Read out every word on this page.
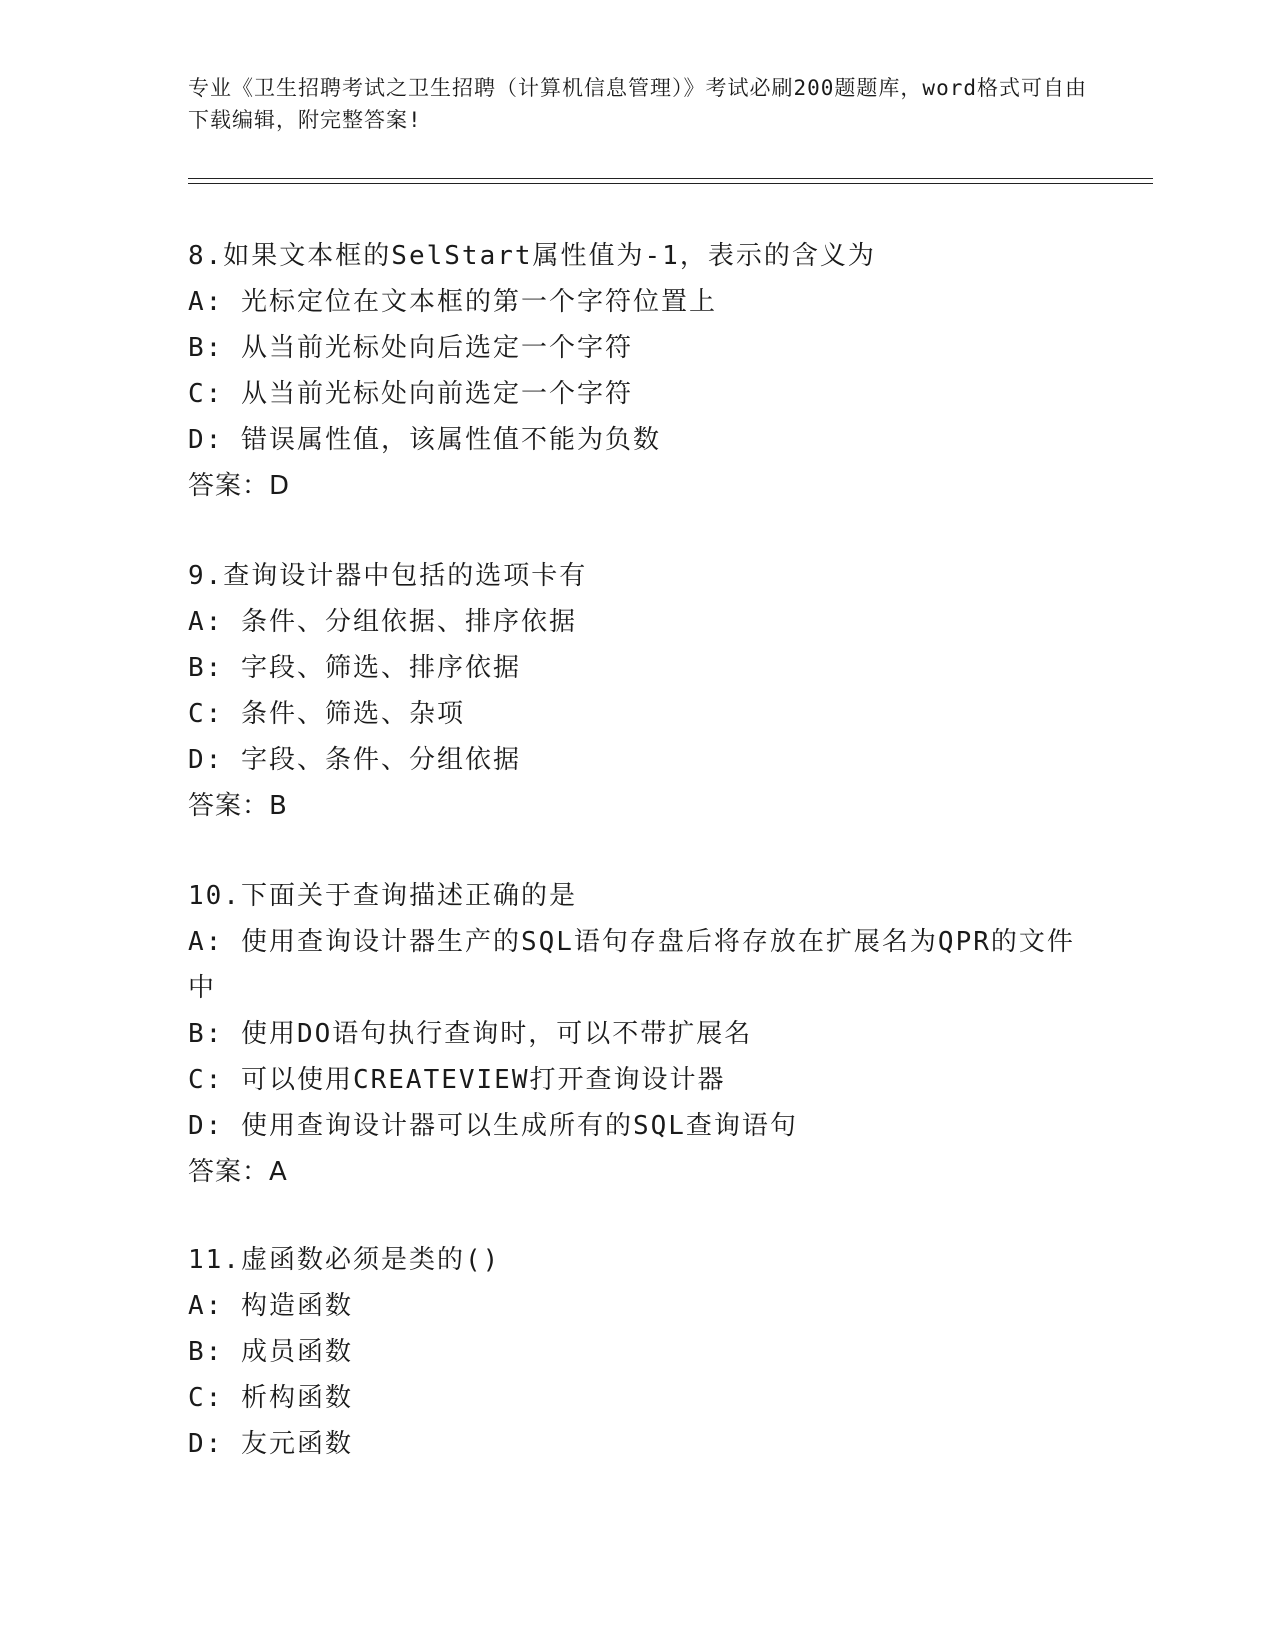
专业《卫生招聘考试之卫生招聘（计算机信息管理）》考试必刷200题题库，word格式可自由下载编辑，附完整答案!
8.如果文本框的SelStart属性值为-1，表示的含义为
A: 光标定位在文本框的第一个字符位置上
B: 从当前光标处向后选定一个字符
C: 从当前光标处向前选定一个字符
D: 错误属性值，该属性值不能为负数
答案：D
9.查询设计器中包括的选项卡有
A: 条件、分组依据、排序依据
B: 字段、筛选、排序依据
C: 条件、筛选、杂项
D: 字段、条件、分组依据
答案：B
10.下面关于查询描述正确的是
A: 使用查询设计器生产的SQL语句存盘后将存放在扩展名为QPR的文件中
B: 使用DO语句执行查询时，可以不带扩展名
C: 可以使用CREATEVIEW打开查询设计器
D: 使用查询设计器可以生成所有的SQL查询语句
答案：A
11.虚函数必须是类的()
A: 构造函数
B: 成员函数
C: 析构函数
D: 友元函数
